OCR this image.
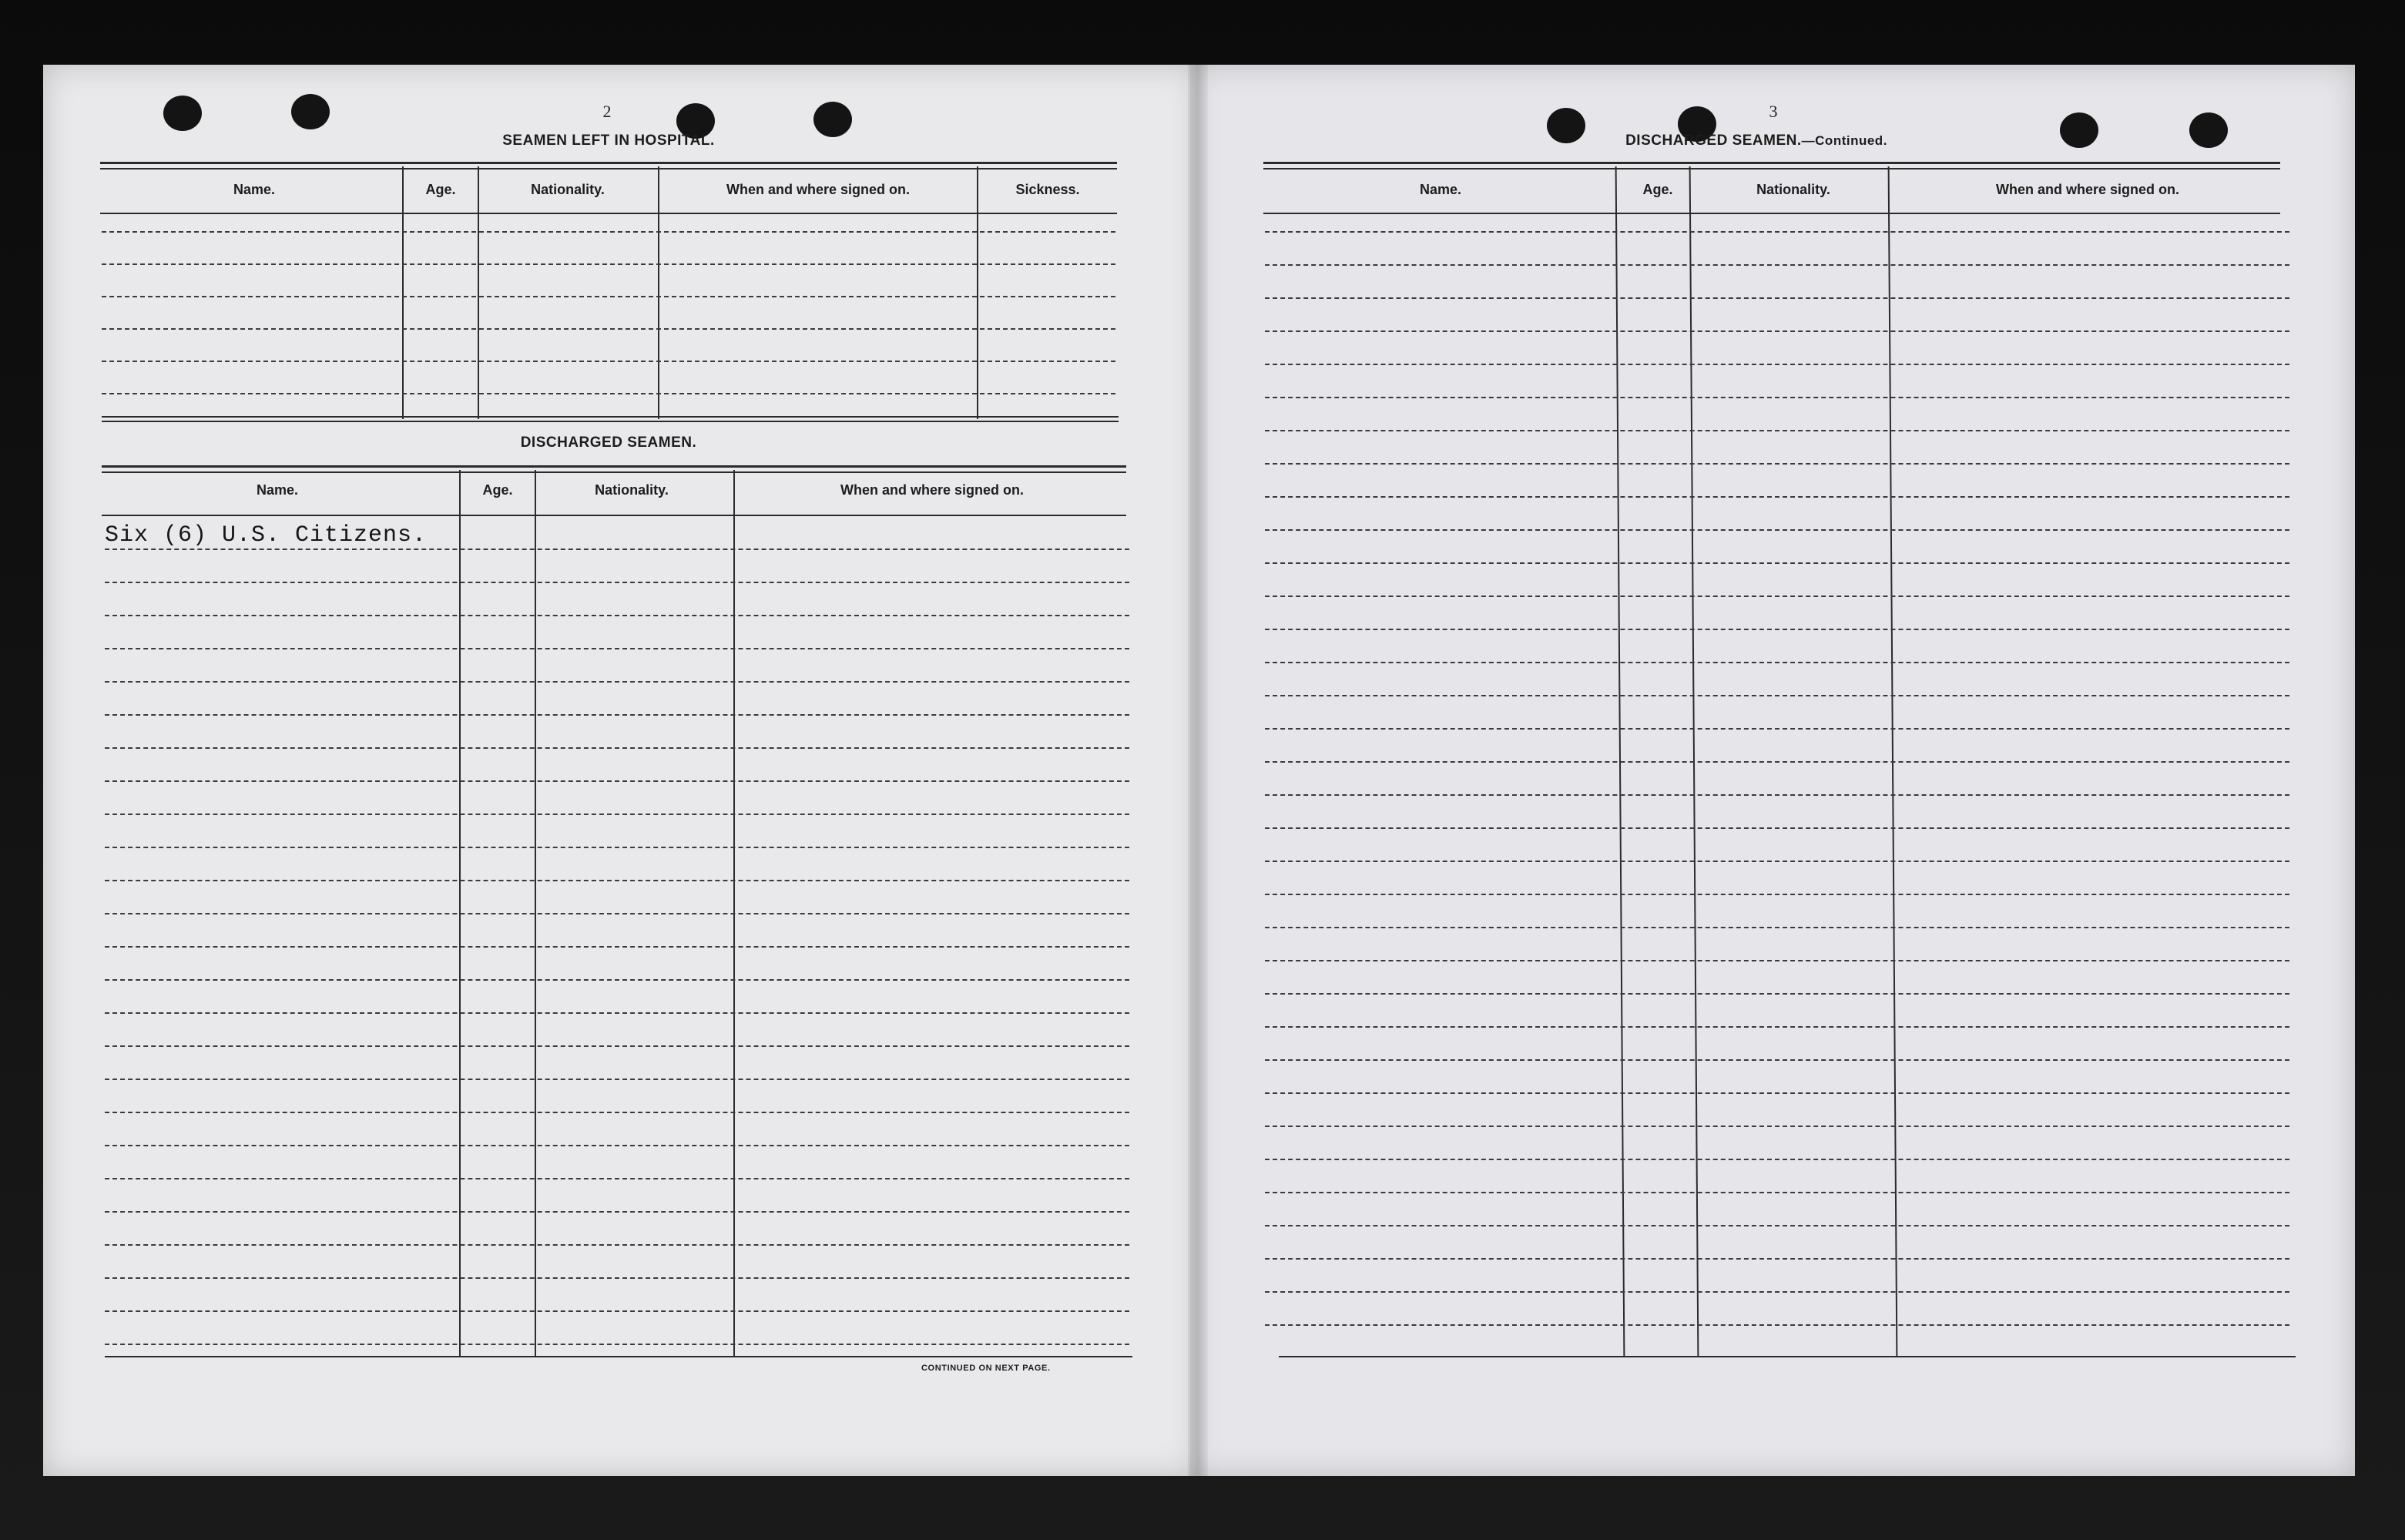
2
SEAMEN LEFT IN HOSPITAL.
Name.	Age.	Nationality.	When and where signed on.	Sickness.
DISCHARGED SEAMEN.
Name.	Age.	Nationality.	When and where signed on.
Six (6) U.S. Citizens.
CONTINUED ON NEXT PAGE.
3
DISCHARGED SEAMEN.—Continued.
Name.	Age.	Nationality.	When and where signed on.
